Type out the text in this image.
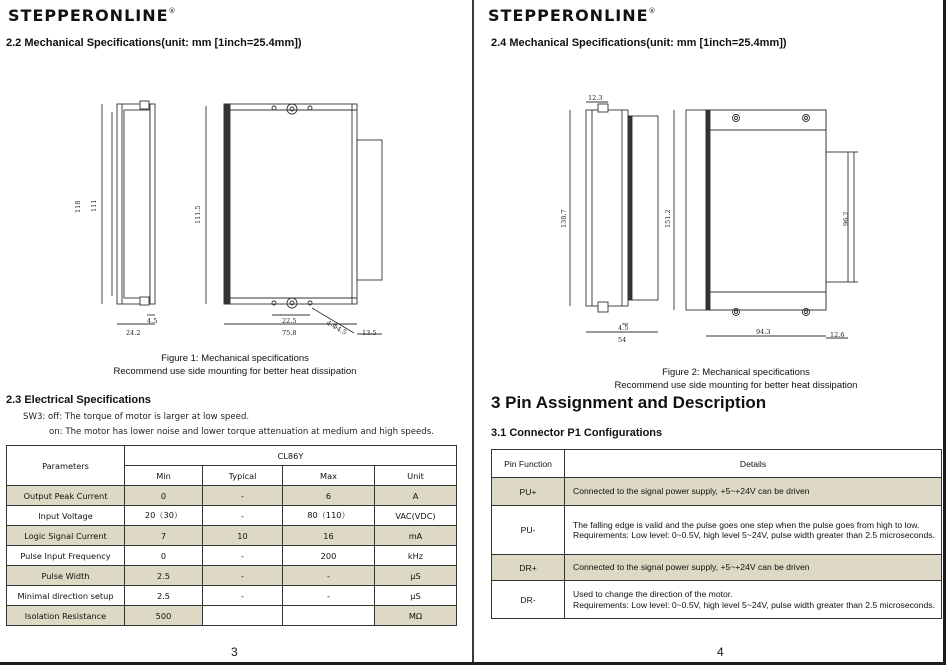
STEPPERONLINE®
2.2 Mechanical Specifications(unit: mm [1inch=25.4mm])
118 111	111.5
24.2
4.5	22.5
75.8	4-Φ4.5 13.5
Figure 1: Mechanical specifications
Recommend use side mounting for better heat dissipation
2.3 Electrical Specifications
SW3: off: The torque of motor is larger at low speed.
on: The motor has lower noise and lower torque attenuation at medium and high speeds.
Parameters	CL86Y			
	Min	Typical	Max	Unit
Output Peak Current	0	-	6	A
Input Voltage	20（30）	-	80（110）	VAC(VDC)
Logic Signal Current	7	10	16	mA
Pulse Input Frequency	0	-	200	kHz
Pulse Width	2.5	-	-	μS
Minimal direction setup	2.5	-	-	μS
Isolation Resistance	500			MΩ
3
STEPPERONLINE®
2.4 Mechanical Specifications(unit: mm [1inch=25.4mm])
12.3
138.7	151.2	96.2
4.5
54
94.3	12.6
Figure 2: Mechanical specifications
Recommend use side mounting for better heat dissipation
3 Pin Assignment and Description
3.1 Connector P1 Configurations
4
Pin Function	Details
PU+	Connected to the signal power supply, +5~+24V can be driven
PU-	The falling edge is valid and the pulse goes one step when the pulse goes from high to low.
Requirements: Low level: 0~0.5V, high level 5~24V, pulse width greater than 2.5 microseconds.

DR+	Connected to the signal power supply, +5~+24V can be driven
DR-	Used to change the direction of the motor.
Requirements: Low level: 0~0.5V, high level 5~24V, pulse width greater than 2.5 microseconds.
